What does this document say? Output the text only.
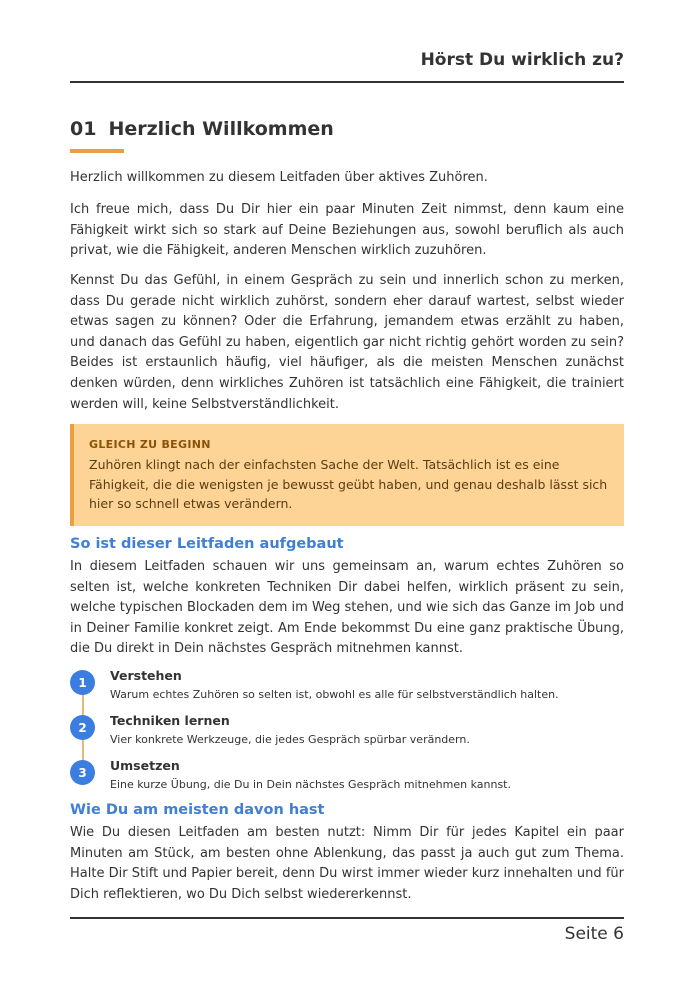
Hörst Du wirklich zu?
01 Herzlich Willkommen

Herzlich willkommen zu diesem Leitfaden über aktives Zuhören.

Ich freue mich, dass Du Dir hier ein paar Minuten Zeit nimmst, denn kaum eine Fähigkeit wirkt sich so stark auf Deine Beziehungen aus, sowohl beruflich als auch privat, wie die Fähigkeit, anderen Menschen wirklich zuzuhören.

Kennst Du das Gefühl, in einem Gespräch zu sein und innerlich schon zu merken, dass Du gerade nicht wirklich zuhörst, sondern eher darauf wartest, selbst wieder etwas sagen zu können? Oder die Erfahrung, jemandem etwas erzählt zu haben, und danach das Gefühl zu haben, eigentlich gar nicht richtig gehört worden zu sein? Beides ist erstaunlich häufig, viel häufiger, als die meisten Menschen zunächst denken würden, denn wirkliches Zuhören ist tatsächlich eine Fähigkeit, die trainiert werden will, keine Selbstverständlichkeit.

GLEICH ZU BEGINN
Zuhören klingt nach der einfachsten Sache der Welt. Tatsächlich ist es eine Fähigkeit, die die wenigsten je bewusst geübt haben, und genau deshalb lässt sich hier so schnell etwas verändern.
So ist dieser Leitfaden aufgebaut

In diesem Leitfaden schauen wir uns gemeinsam an, warum echtes Zuhören so selten ist, welche konkreten Techniken Dir dabei helfen, wirklich präsent zu sein, welche typischen Blockaden dem im Weg stehen, und wie sich das Ganze im Job und in Deiner Familie konkret zeigt. Am Ende bekommst Du eine ganz praktische Übung, die Du direkt in Dein nächstes Gespräch mitnehmen kannst.

1	Verstehen
Warum echtes Zuhören so selten ist, obwohl es alle für selbstverständlich halten.
2	Techniken lernen
Vier konkrete Werkzeuge, die jedes Gespräch spürbar verändern.
3	Umsetzen
Eine kurze Übung, die Du in Dein nächstes Gespräch mitnehmen kannst.
Wie Du am meisten davon hast

Wie Du diesen Leitfaden am besten nutzt: Nimm Dir für jedes Kapitel ein paar Minuten am Stück, am besten ohne Ablenkung, das passt ja auch gut zum Thema. Halte Dir Stift und Papier bereit, denn Du wirst immer wieder kurz innehalten und für Dich reflektieren, wo Du Dich selbst wiedererkennst.

Seite 6
